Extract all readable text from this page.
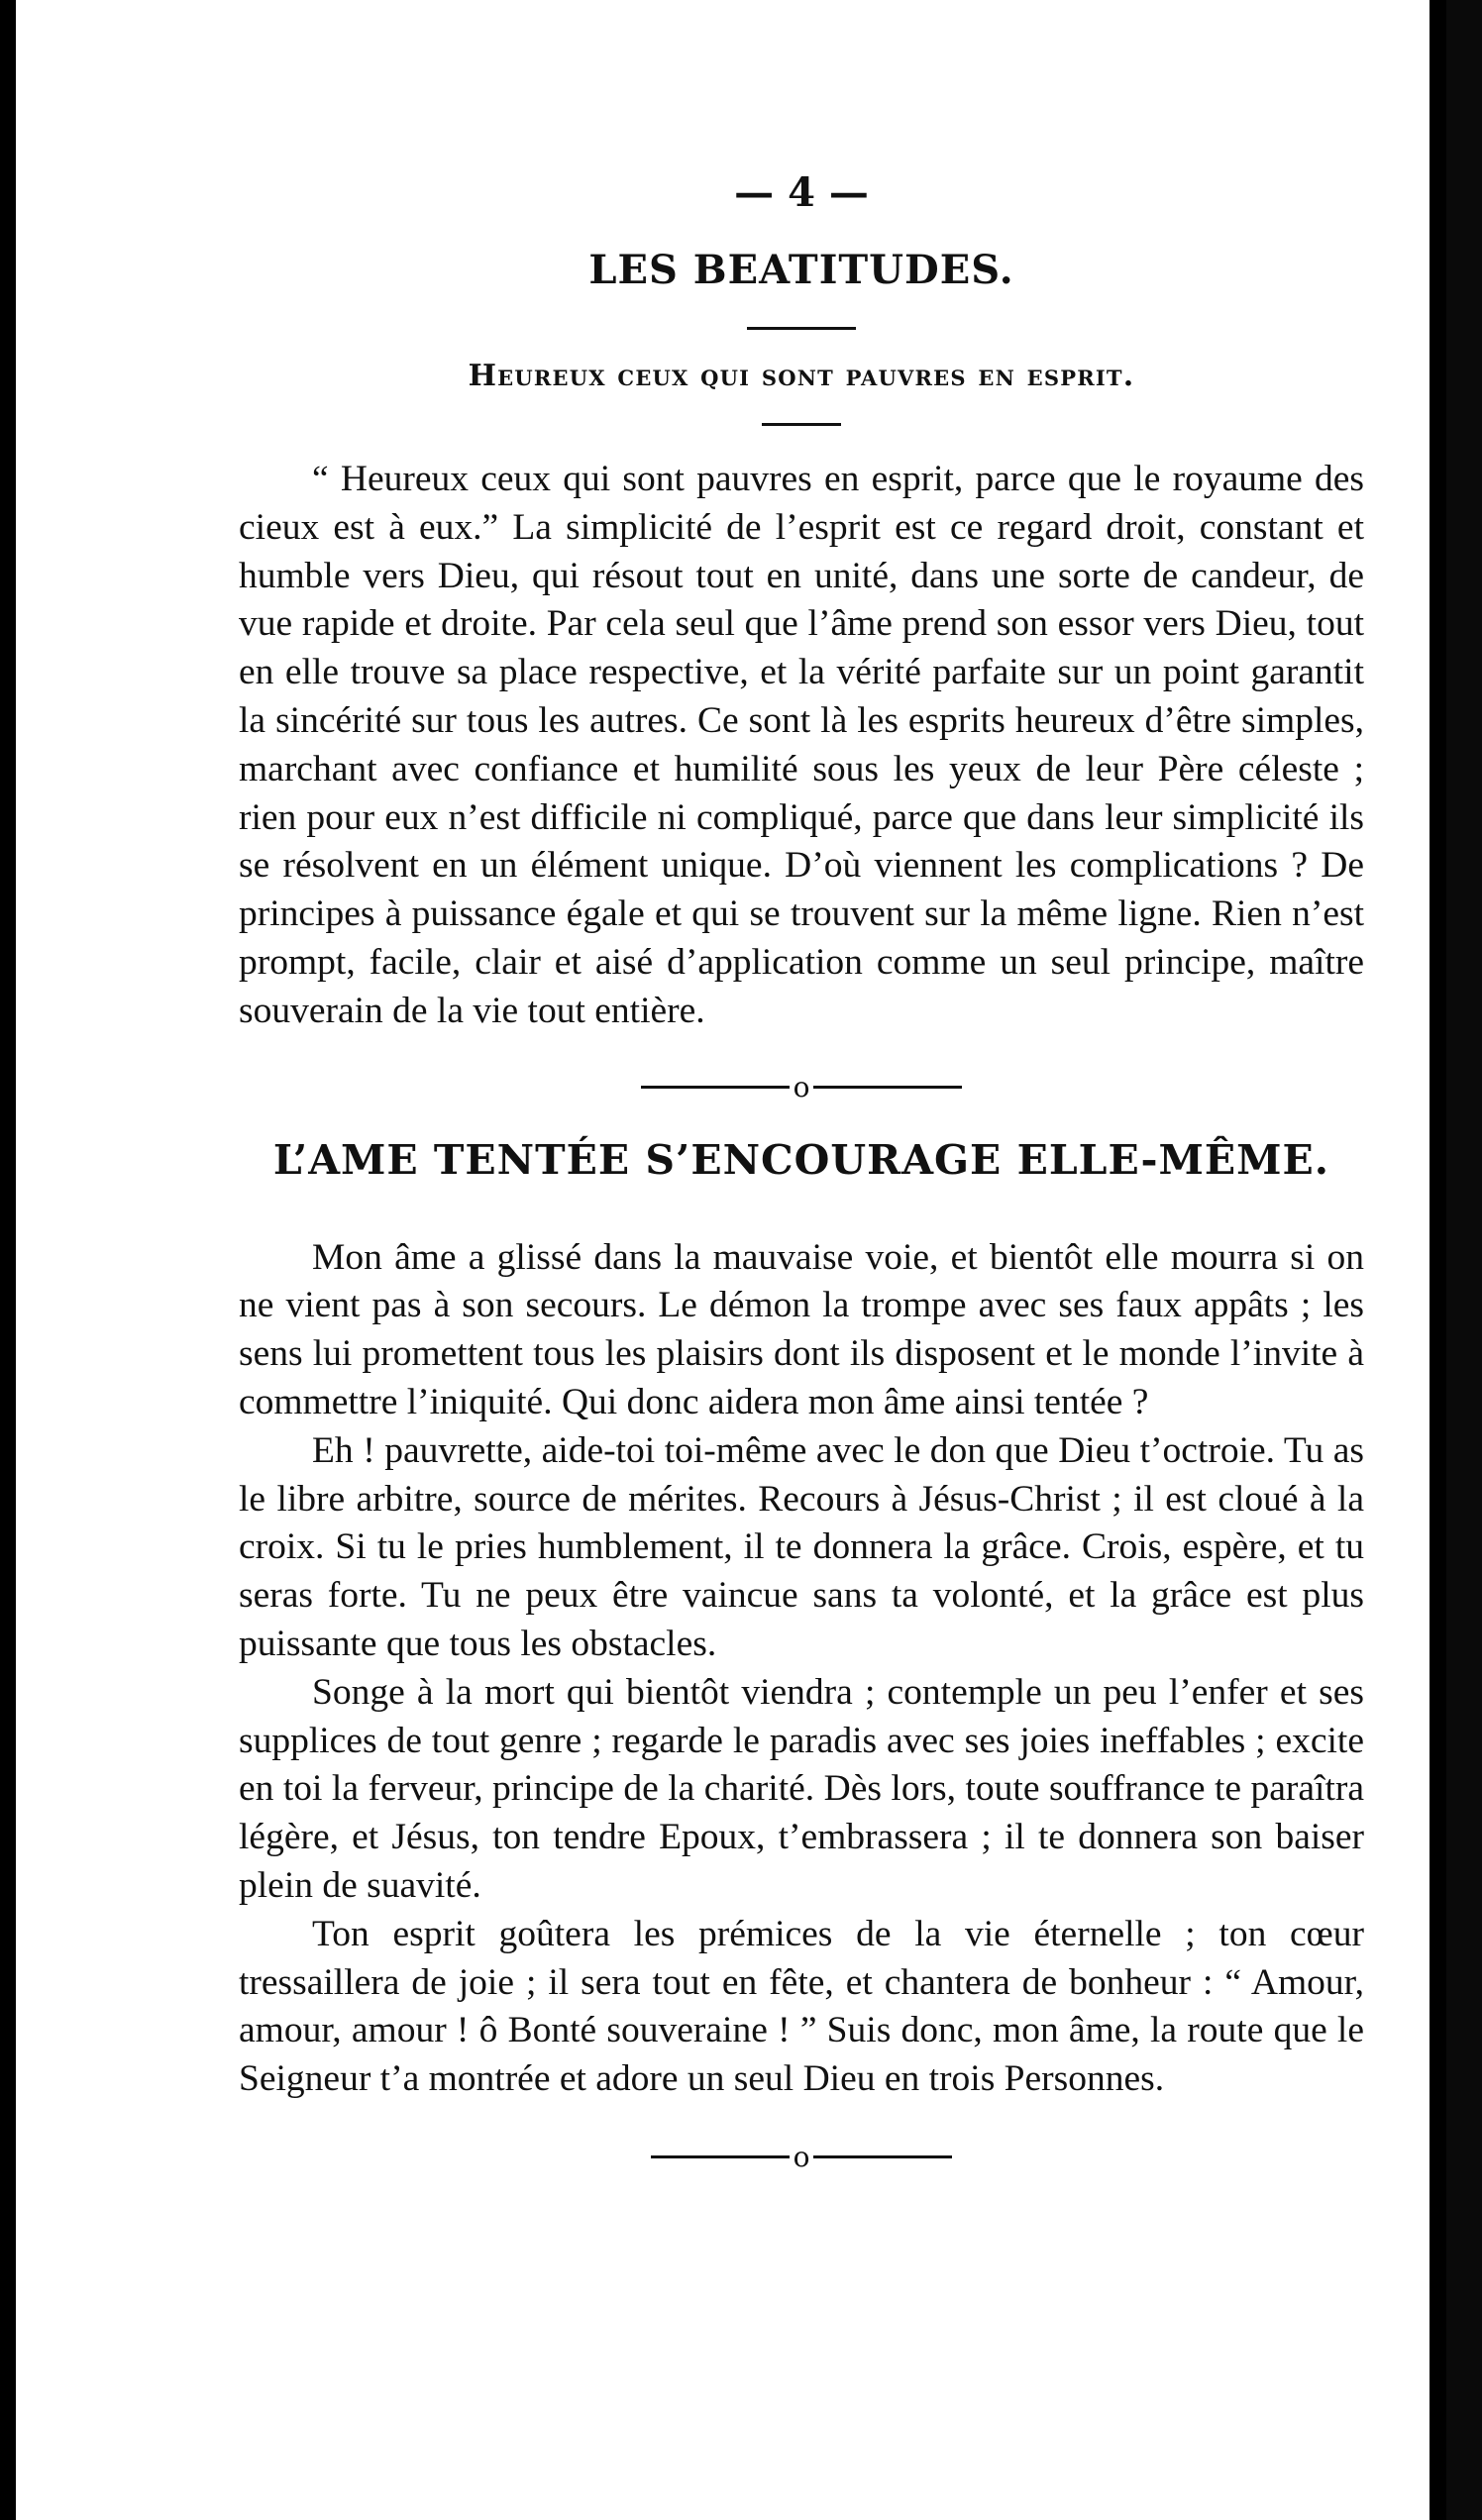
— 4 —
LES BEATITUDES.
Heureux ceux qui sont pauvres en esprit.

“ Heureux ceux qui sont pauvres en esprit, parce que le royaume des cieux est à eux.” La simplicité de l’esprit est ce regard droit, constant et humble vers Dieu, qui résout tout en unité, dans une sorte de candeur, de vue rapide et droite. Par cela seul que l’âme prend son essor vers Dieu, tout en elle trouve sa place respective, et la vérité parfaite sur un point garantit la sincérité sur tous les autres. Ce sont là les esprits heureux d’être simples, marchant avec confiance et humilité sous les yeux de leur Père céleste ; rien pour eux n’est difficile ni compliqué, parce que dans leur simplicité ils se résolvent en un élément unique. D’où viennent les complications ? De principes à puissance égale et qui se trouvent sur la même ligne. Rien n’est prompt, facile, clair et aisé d’application comme un seul principe, maître souverain de la vie tout entière.

o
L’AME TENTÉE S’ENCOURAGE ELLE-MÊME.

Mon âme a glissé dans la mauvaise voie, et bientôt elle mourra si on ne vient pas à son secours. Le démon la trompe avec ses faux appâts ; les sens lui promettent tous les plaisirs dont ils disposent et le monde l’invite à commettre l’iniquité. Qui donc aidera mon âme ainsi tentée ?

Eh ! pauvrette, aide-toi toi-même avec le don que Dieu t’octroie. Tu as le libre arbitre, source de mérites. Recours à Jésus-Christ ; il est cloué à la croix. Si tu le pries humblement, il te donnera la grâce. Crois, espère, et tu seras forte. Tu ne peux être vaincue sans ta volonté, et la grâce est plus puissante que tous les obstacles.

Songe à la mort qui bientôt viendra ; contemple un peu l’enfer et ses supplices de tout genre ; regarde le paradis avec ses joies ineffables ; excite en toi la ferveur, principe de la charité. Dès lors, toute souffrance te paraîtra légère, et Jésus, ton tendre Epoux, t’embrassera ; il te donnera son baiser plein de suavité.

Ton esprit goûtera les prémices de la vie éternelle ; ton cœur tressaillera de joie ; il sera tout en fête, et chantera de bonheur : “ Amour, amour, amour ! ô Bonté souveraine ! ” Suis donc, mon âme, la route que le Seigneur t’a montrée et adore un seul Dieu en trois Personnes.

o
